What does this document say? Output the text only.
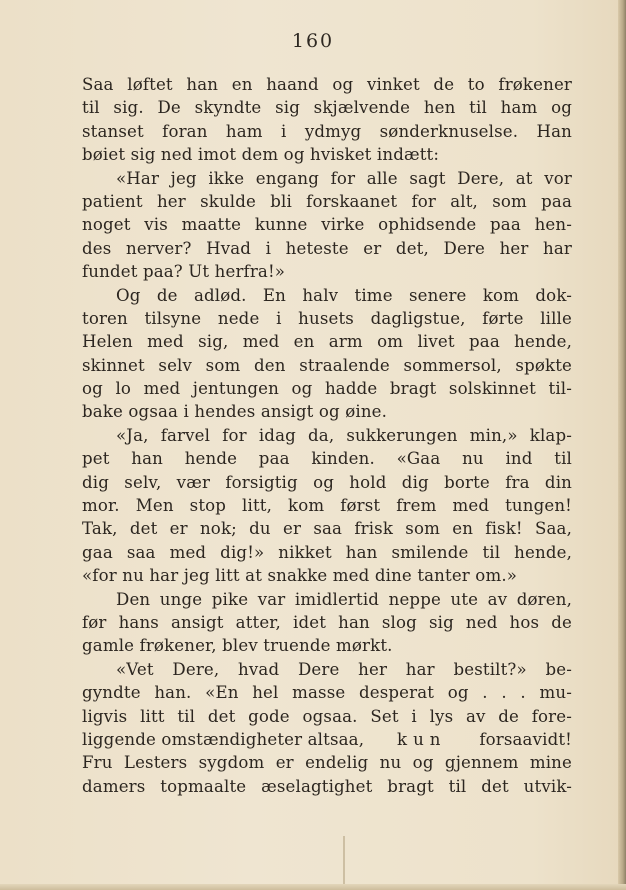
160
Saa løftet han en haand og vinket de to frøkener
til sig. De skyndte sig skjælvende hen til ham og
stanset foran ham i ydmyg sønderknuselse. Han
bøiet sig ned imot dem og hvisket indætt:
«Har jeg ikke engang for alle sagt Dere, at vor
patient her skulde bli forskaanet for alt, som paa
noget vis maatte kunne virke ophidsende paa hen-
des nerver? Hvad i heteste er det, Dere her har
fundet paa? Ut herfra!»
Og de adlød. En halv time senere kom dok-
toren tilsyne nede i husets dagligstue, førte lille
Helen med sig, med en arm om livet paa hende,
skinnet selv som den straalende sommersol, spøkte
og lo med jentungen og hadde bragt solskinnet til-
bake ogsaa i hendes ansigt og øine.
«Ja, farvel for idag da, sukkerungen min,» klap-
pet han hende paa kinden. «Gaa nu ind til
dig selv, vær forsigtig og hold dig borte fra din
mor. Men stop litt, kom først frem med tungen!
Tak, det er nok; du er saa frisk som en fisk! Saa,
gaa saa med dig!» nikket han smilende til hende,
«for nu har jeg litt at snakke med dine tanter om.»
Den unge pike var imidlertid neppe ute av døren,
før hans ansigt atter, idet han slog sig ned hos de
gamle frøkener, blev truende mørkt.
«Vet Dere, hvad Dere her har bestilt?» be-
gyndte han. «En hel masse desperat og . . . mu-
ligvis litt til det gode ogsaa. Set i lys av de fore-
liggende omstændigheter altsaa, kun forsaavidt!
Fru Lesters sygdom er endelig nu og gjennem mine
damers topmaalte æselagtighet bragt til det utvik-
